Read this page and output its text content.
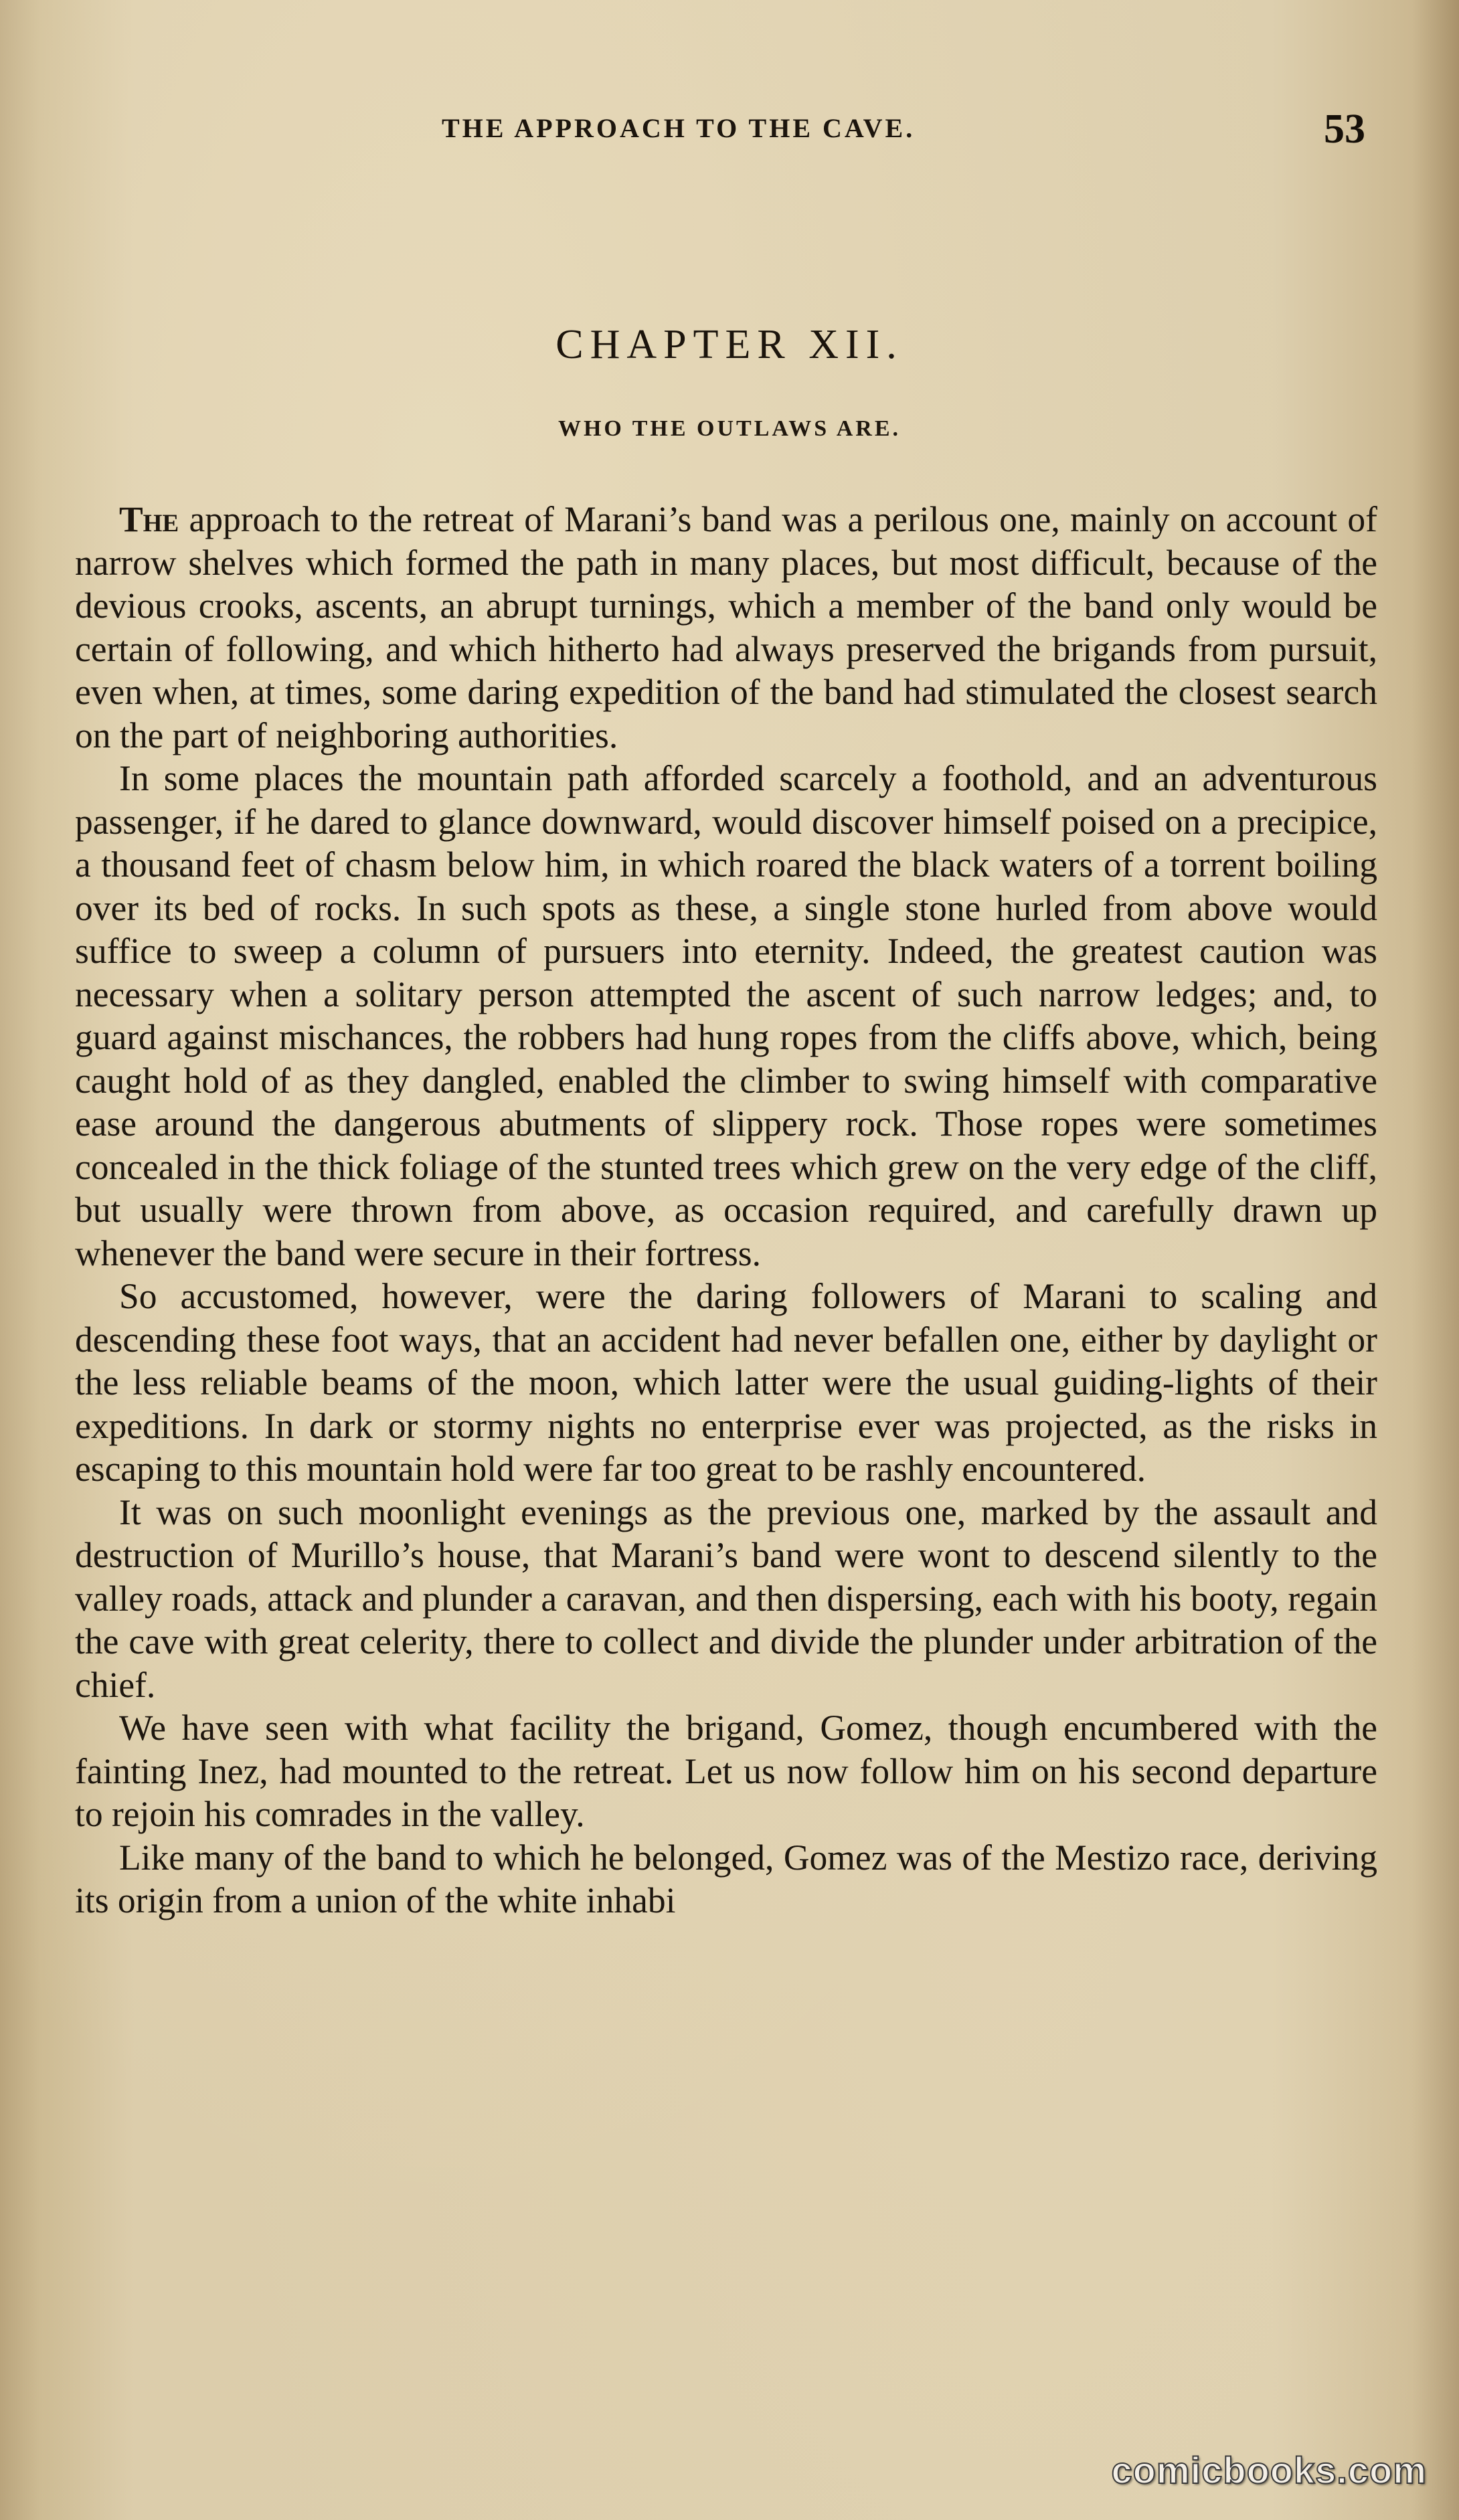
THE APPROACH TO THE CAVE.	53
CHAPTER XII.
WHO THE OUTLAWS ARE.

The approach to the retreat of Marani’s band was a perilous one, mainly on account of narrow shelves which formed the path in many places, but most difficult, because of the devious crooks, ascents, an abrupt turnings, which a member of the band only would be certain of following, and which hitherto had always preserved the brigands from pursuit, even when, at times, some daring expedition of the band had stimulated the closest search on the part of neighboring authorities.

In some places the mountain path afforded scarcely a foothold, and an adventurous passenger, if he dared to glance downward, would discover himself poised on a precipice, a thousand feet of chasm below him, in which roared the black waters of a torrent boiling over its bed of rocks. In such spots as these, a single stone hurled from above would suffice to sweep a column of pursuers into eternity. Indeed, the greatest caution was necessary when a solitary person attempted the ascent of such narrow ledges; and, to guard against mischances, the robbers had hung ropes from the cliffs above, which, being caught hold of as they dangled, enabled the climber to swing himself with comparative ease around the dangerous abutments of slippery rock. Those ropes were sometimes concealed in the thick foliage of the stunted trees which grew on the very edge of the cliff, but usually were thrown from above, as occasion required, and carefully drawn up whenever the band were secure in their fortress.

So accustomed, however, were the daring followers of Marani to scaling and descending these foot ways, that an accident had never befallen one, either by daylight or the less reliable beams of the moon, which latter were the usual guiding-lights of their expeditions. In dark or stormy nights no enterprise ever was projected, as the risks in escaping to this mountain hold were far too great to be rashly encountered.

It was on such moonlight evenings as the previous one, marked by the assault and destruction of Murillo’s house, that Marani’s band were wont to descend silently to the valley roads, attack and plunder a caravan, and then dispersing, each with his booty, regain the cave with great celerity, there to collect and divide the plunder under arbitration of the chief.

We have seen with what facility the brigand, Gomez, though encumbered with the fainting Inez, had mounted to the retreat. Let us now follow him on his second departure to rejoin his comrades in the valley.

Like many of the band to which he belonged, Gomez was of the Mestizo race, deriving its origin from a union of the white inhabi

comicbooks.com
